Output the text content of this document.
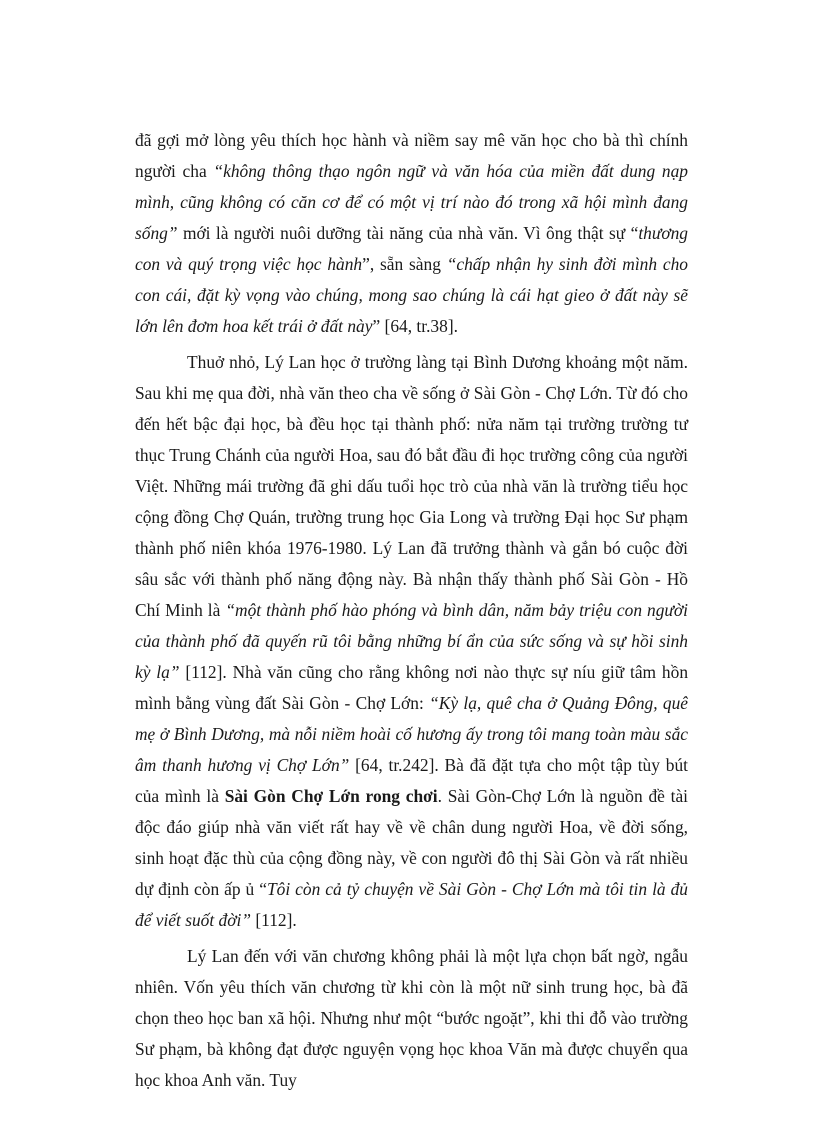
đã gợi mở lòng yêu thích học hành và niềm say mê văn học cho bà thì chính người cha “không thông thạo ngôn ngữ và văn hóa của miền đất dung nạp mình, cũng không có căn cơ để có một vị trí nào đó trong xã hội mình đang sống” mới là người nuôi dưỡng tài năng của nhà văn. Vì ông thật sự “thương con và quý trọng việc học hành”, sẵn sàng “chấp nhận hy sinh đời mình cho con cái, đặt kỳ vọng vào chúng, mong sao chúng là cái hạt gieo ở đất này sẽ lớn lên đơm hoa kết trái ở đất này” [64, tr.38].

Thuở nhỏ, Lý Lan học ở trường làng tại Bình Dương khoảng một năm. Sau khi mẹ qua đời, nhà văn theo cha về sống ở Sài Gòn - Chợ Lớn. Từ đó cho đến hết bậc đại học, bà đều học tại thành phố: nửa năm tại trường trường tư thục Trung Chánh của người Hoa, sau đó bắt đầu đi học trường công của người Việt. Những mái trường đã ghi dấu tuổi học trò của nhà văn là trường tiểu học cộng đồng Chợ Quán, trường trung học Gia Long và trường Đại học Sư phạm thành phố niên khóa 1976-1980. Lý Lan đã trưởng thành và gắn bó cuộc đời sâu sắc với thành phố năng động này. Bà nhận thấy thành phố Sài Gòn - Hồ Chí Minh là “một thành phố hào phóng và bình dân, năm bảy triệu con người của thành phố đã quyến rũ tôi bằng những bí ẩn của sức sống và sự hồi sinh kỳ lạ” [112]. Nhà văn cũng cho rằng không nơi nào thực sự níu giữ tâm hồn mình bằng vùng đất Sài Gòn - Chợ Lớn: “Kỳ lạ, quê cha ở Quảng Đông, quê mẹ ở Bình Dương, mà nỗi niềm hoài cố hương ấy trong tôi mang toàn màu sắc âm thanh hương vị Chợ Lớn” [64, tr.242]. Bà đã đặt tựa cho một tập tùy bút của mình là Sài Gòn Chợ Lớn rong chơi. Sài Gòn-Chợ Lớn là nguồn đề tài độc đáo giúp nhà văn viết rất hay về về chân dung người Hoa, về đời sống, sinh hoạt đặc thù của cộng đồng này, về con người đô thị Sài Gòn và rất nhiều dự định còn ấp ủ “Tôi còn cả tỷ chuyện về Sài Gòn - Chợ Lớn mà tôi tin là đủ để viết suốt đời” [112].

Lý Lan đến với văn chương không phải là một lựa chọn bất ngờ, ngẫu nhiên. Vốn yêu thích văn chương từ khi còn là một nữ sinh trung học, bà đã chọn theo học ban xã hội. Nhưng như một “bước ngoặt”, khi thi đỗ vào trường Sư phạm, bà không đạt được nguyện vọng học khoa Văn mà được chuyển qua học khoa Anh văn. Tuy
